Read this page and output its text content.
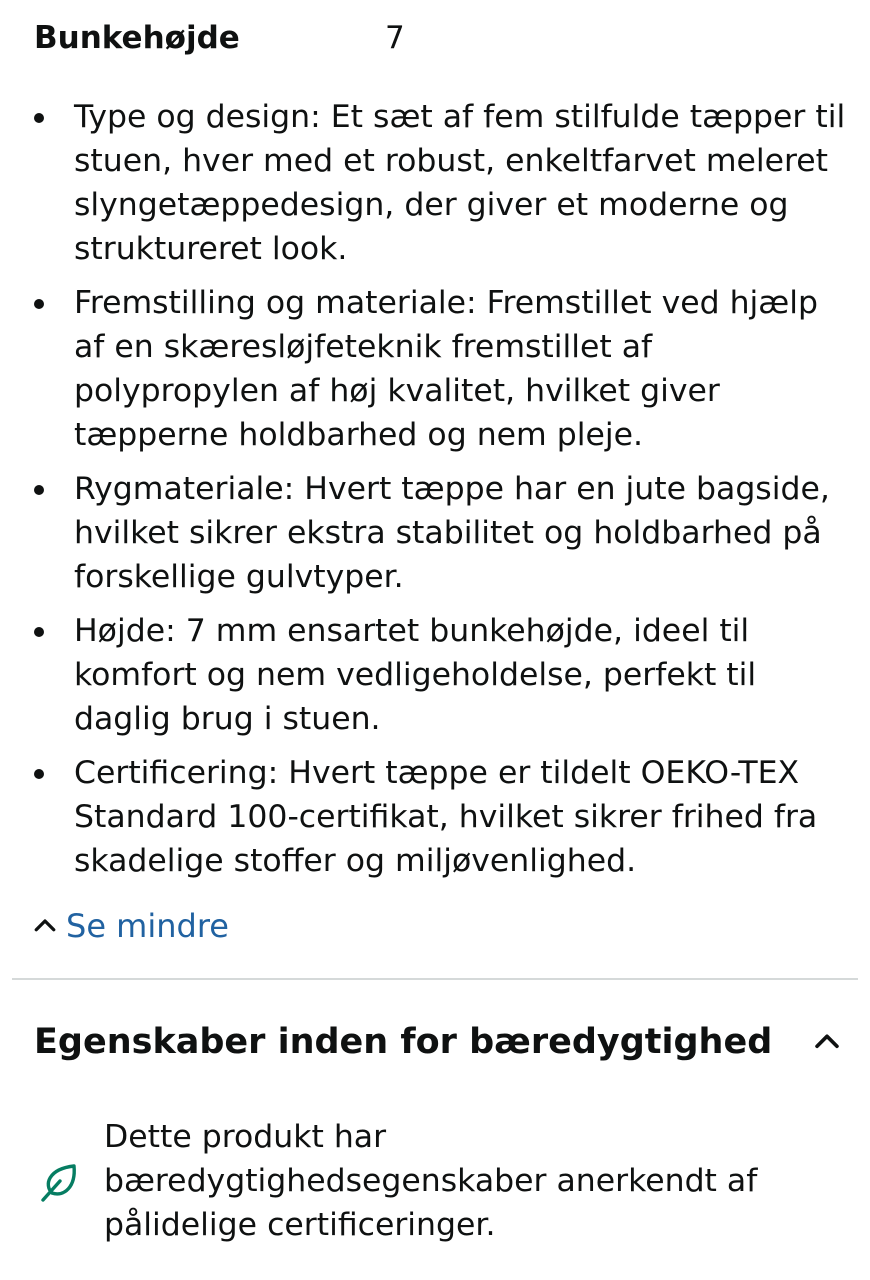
Bunkehøjde	7
Type og design: Et sæt af fem stilfulde tæpper til stuen, hver med et robust, enkeltfarvet meleret slyngetæppedesign, der giver et moderne og struktureret look.
Fremstilling og materiale: Fremstillet ved hjælp af en skæresløjfeteknik fremstillet af polypropylen af høj kvalitet, hvilket giver tæpperne holdbarhed og nem pleje.
Rygmateriale: Hvert tæppe har en jute bagside, hvilket sikrer ekstra stabilitet og holdbarhed på forskellige gulvtyper.
Højde: 7 mm ensartet bunkehøjde, ideel til komfort og nem vedligeholdelse, perfekt til daglig brug i stuen.
Certificering: Hvert tæppe er tildelt OEKO-TEX Standard 100-certifikat, hvilket sikrer frihed fra skadelige stoffer og miljøvenlighed.
Se mindre
Egenskaber inden for bæredygtighed
Dette produkt har bæredygtighedsegenskaber anerkendt af pålidelige certificeringer.
